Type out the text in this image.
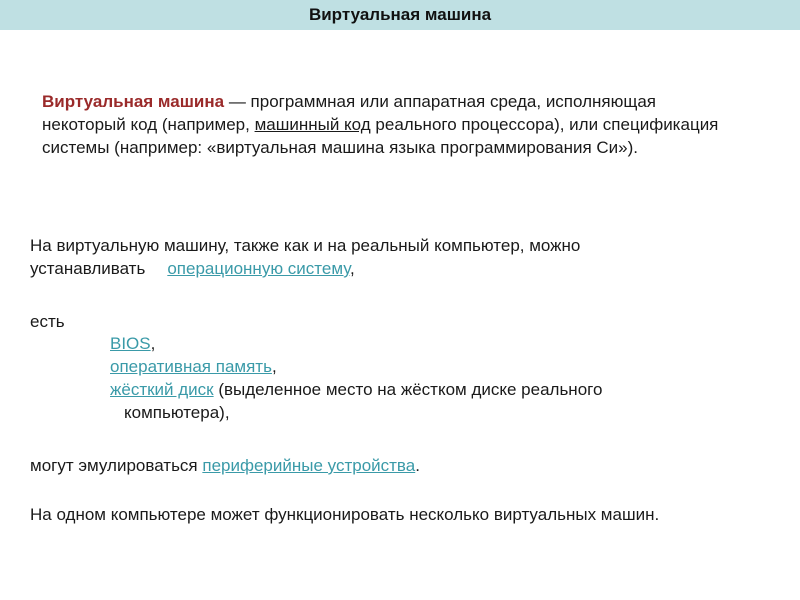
Виртуальная машина
Виртуальная машина — программная или аппаратная среда, исполняющая некоторый код (например, машинный код реального процессора), или спецификация системы (например: «виртуальная машина языка программирования Си»).
На виртуальную машину, также как и на реальный компьютер, можно
устанавливать операционную систему,
есть
BIOS,
оперативная память,
жёсткий диск (выделенное место на жёстком диске реального
компьютера),
могут эмулироваться периферийные устройства.
На одном компьютере может функционировать несколько виртуальных машин.
